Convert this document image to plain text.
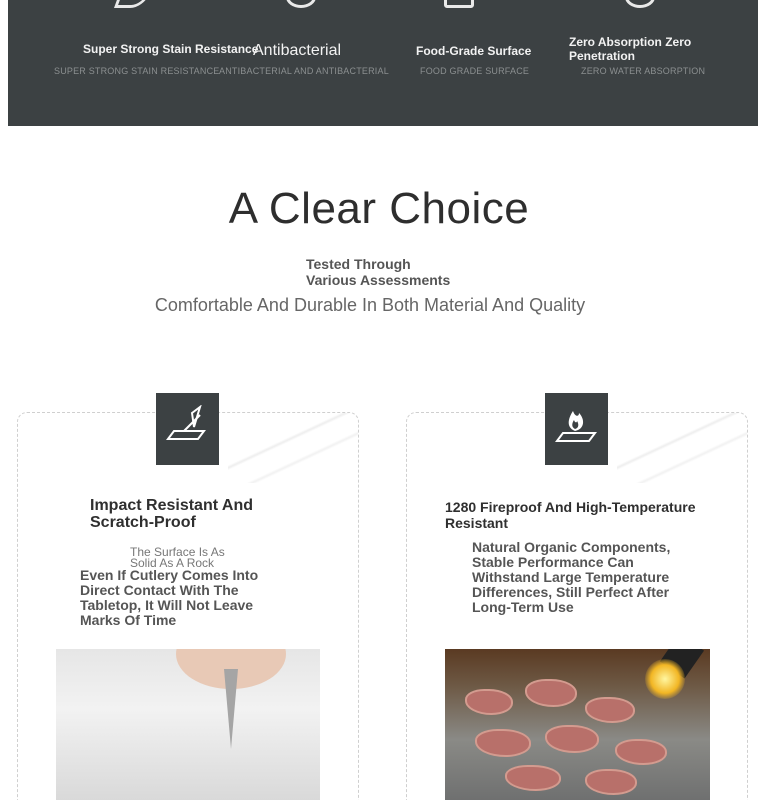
Super Strong Stain Resistance
Antibacterial	Food-Grade Surface
Zero Absorption Zero Penetration
SUPER STRONG STAIN RESISTANCE ANTIBACTERIAL AND ANTIBACTERIAL	FOOD GRADE SURFACE	ZERO WATER ABSORPTION
A Clear Choice
Tested Through Various Assessments
Comfortable And Durable In Both Material And Quality
Impact Resistant And Scratch-Proof
The Surface Is As Solid As A Rock
Even If Cutlery Comes Into Direct Contact With The Tabletop, It Will Not Leave Marks Of Time
1280 Fireproof And High-Temperature Resistant
Natural Organic Components, Stable Performance Can Withstand Large Temperature Differences, Still Perfect After Long-Term Use
